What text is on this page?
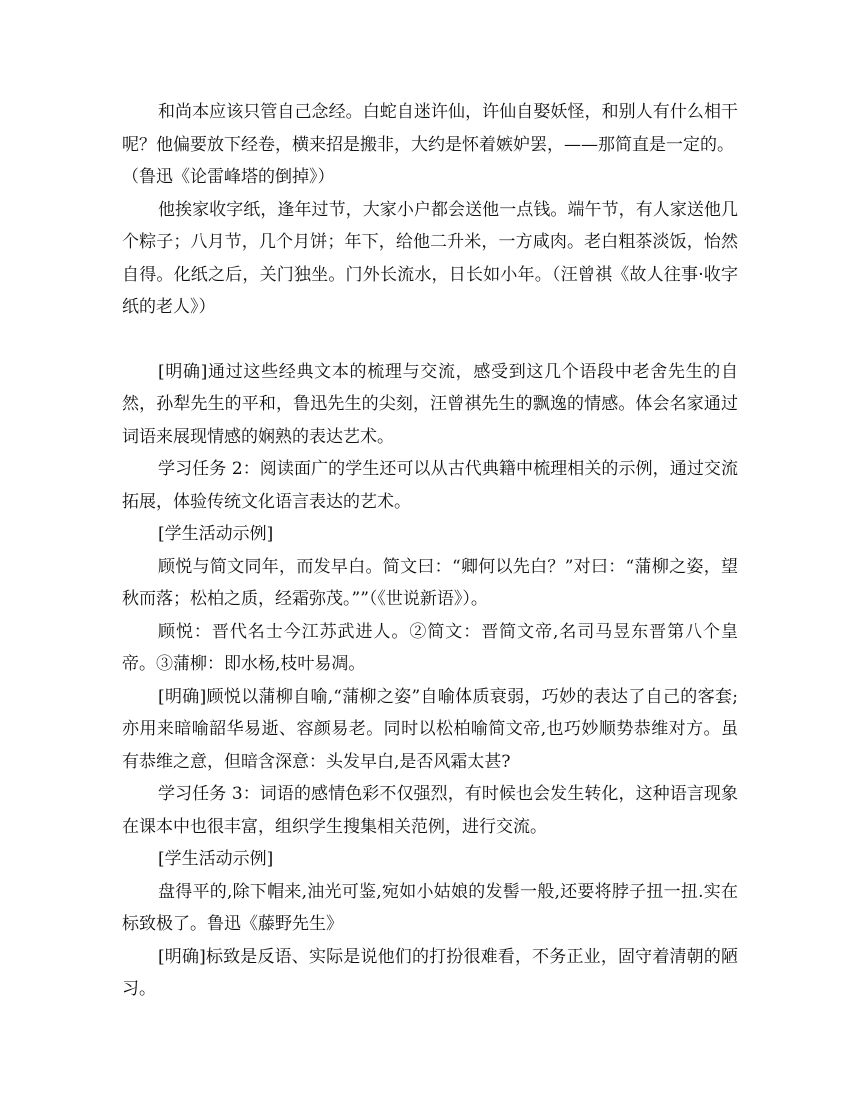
和尚本应该只管自己念经。白蛇自迷许仙，许仙自娶妖怪，和别人有什么相干呢？他偏要放下经卷，横来招是搬非，大约是怀着嫉妒罢，——那简直是一定的。

（鲁迅《论雷峰塔的倒掉》）

他挨家收字纸，逢年过节，大家小户都会送他一点钱。端午节，有人家送他几个粽子；八月节，几个月饼；年下，给他二升米，一方咸肉。老白粗茶淡饭，怡然自得。化纸之后，关门独坐。门外长流水，日长如小年。（汪曾祺《故人往事·收字纸的老人》）

[明确]通过这些经典文本的梳理与交流，感受到这几个语段中老舍先生的自然，孙犁先生的平和，鲁迅先生的尖刻，汪曾祺先生的飘逸的情感。体会名家通过词语来展现情感的娴熟的表达艺术。

学习任务 2：阅读面广的学生还可以从古代典籍中梳理相关的示例，通过交流拓展，体验传统文化语言表达的艺术。

[学生活动示例]

顾悦与简文同年，而发早白。简文曰：“卿何以先白？”对曰：“蒲柳之姿，望秋而落；松柏之质，经霜弥茂。””（《世说新语》）。

顾悦：晋代名士今江苏武进人。②简文：晋简文帝,名司马昱东晋第八个皇帝。③蒲柳：即水杨,枝叶易凋。

[明确]顾悦以蒲柳自喻,“蒲柳之姿”自喻体质衰弱，巧妙的表达了自己的客套;亦用来暗喻韶华易逝、容颜易老。同时以松柏喻简文帝,也巧妙顺势恭维对方。虽有恭维之意，但暗含深意：头发早白,是否风霜太甚?

学习任务 3：词语的感情色彩不仅强烈，有时候也会发生转化，这种语言现象在课本中也很丰富，组织学生搜集相关范例，进行交流。

[学生活动示例]

盘得平的,除下帽来,油光可鉴,宛如小姑娘的发髻一般,还要将脖子扭一扭.实在标致极了。鲁迅《藤野先生》

[明确]标致是反语、实际是说他们的打扮很难看，不务正业，固守着清朝的陋习。
